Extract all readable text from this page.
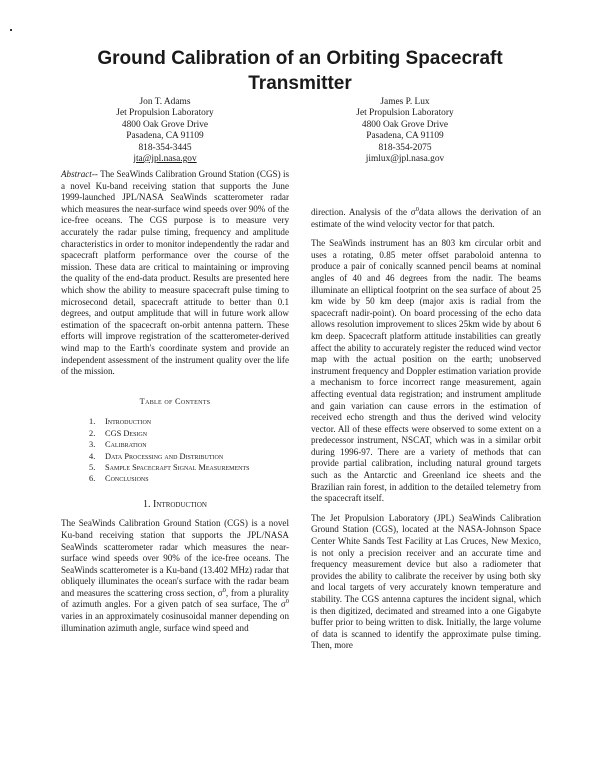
Ground Calibration of an Orbiting Spacecraft Transmitter
Jon T. Adams
Jet Propulsion Laboratory
4800 Oak Grove Drive
Pasadena, CA 91109
818-354-3445
jta@jpl.nasa.gov
James P. Lux
Jet Propulsion Laboratory
4800 Oak Grove Drive
Pasadena, CA 91109
818-354-2075
jimlux@jpl.nasa.gov

Abstract-- The SeaWinds Calibration Ground Station (CGS) is a novel Ku-band receiving station that supports the June 1999-launched JPL/NASA SeaWinds scatterometer radar which measures the near-surface wind speeds over 90% of the ice-free oceans. The CGS purpose is to measure very accurately the radar pulse timing, frequency and amplitude characteristics in order to monitor independently the radar and spacecraft platform performance over the course of the mission. These data are critical to maintaining or improving the quality of the end-data product. Results are presented here which show the ability to measure spacecraft pulse timing to microsecond detail, spacecraft attitude to better than 0.1 degrees, and output amplitude that will in future work allow estimation of the spacecraft on-orbit antenna pattern. These efforts will improve registration of the scatterometer-derived wind map to the Earth's coordinate system and provide an independent assessment of the instrument quality over the life of the mission.

Table of Contents
1. Introduction
2. CGS Design
3. Calibration
4. Data Processing and Distribution
5. Sample Spacecraft Signal Measurements
6. Conclusions
1. Introduction

The SeaWinds Calibration Ground Station (CGS) is a novel Ku-band receiving station that supports the JPL/NASA SeaWinds scatterometer radar which measures the near-surface wind speeds over 90% of the ice-free oceans. The SeaWinds scatterometer is a Ku-band (13.402 MHz) radar that obliquely illuminates the ocean's surface with the radar beam and measures the scattering cross section, $\sigma^0$, from a plurality of azimuth angles. For a given patch of sea surface, The $\sigma^0$ varies in an approximately cosinusoidal manner depending on illumination azimuth angle, surface wind speed and

direction. Analysis of the $\sigma^0data$ allows the derivation of an estimate of the wind velocity vector for that patch.

The SeaWinds instrument has an 803 km circular orbit and uses a rotating, 0.85 meter offset paraboloid antenna to produce a pair of conically scanned pencil beams at nominal angles of 40 and 46 degrees from the nadir. The beams illuminate an elliptical footprint on the sea surface of about 25 km wide by 50 km deep (major axis is radial from the spacecraft nadir-point). On board processing of the echo data allows resolution improvement to slices 25km wide by about 6 km deep. Spacecraft platform attitude instabilities can greatly affect the ability to accurately register the reduced wind vector map with the actual position on the earth; unobserved instrument frequency and Doppler estimation variation provide a mechanism to force incorrect range measurement, again affecting eventual data registration; and instrument amplitude and gain variation can cause errors in the estimation of received echo strength and thus the derived wind velocity vector. All of these effects were observed to some extent on a predecessor instrument, NSCAT, which was in a similar orbit during 1996-97. There are a variety of methods that can provide partial calibration, including natural ground targets such as the Antarctic and Greenland ice sheets and the Brazilian rain forest, in addition to the detailed telemetry from the spacecraft itself.

The Jet Propulsion Laboratory (JPL) SeaWinds Calibration Ground Station (CGS), located at the NASA-Johnson Space Center White Sands Test Facility at Las Cruces, New Mexico, is not only a precision receiver and an accurate time and frequency measurement device but also a radiometer that provides the ability to calibrate the receiver by using both sky and local targets of very accurately known temperature and stability. The CGS antenna captures the incident signal, which is then digitized, decimated and streamed into a one Gigabyte buffer prior to being written to disk. Initially, the large volume of data is scanned to identify the approximate pulse timing. Then, more
